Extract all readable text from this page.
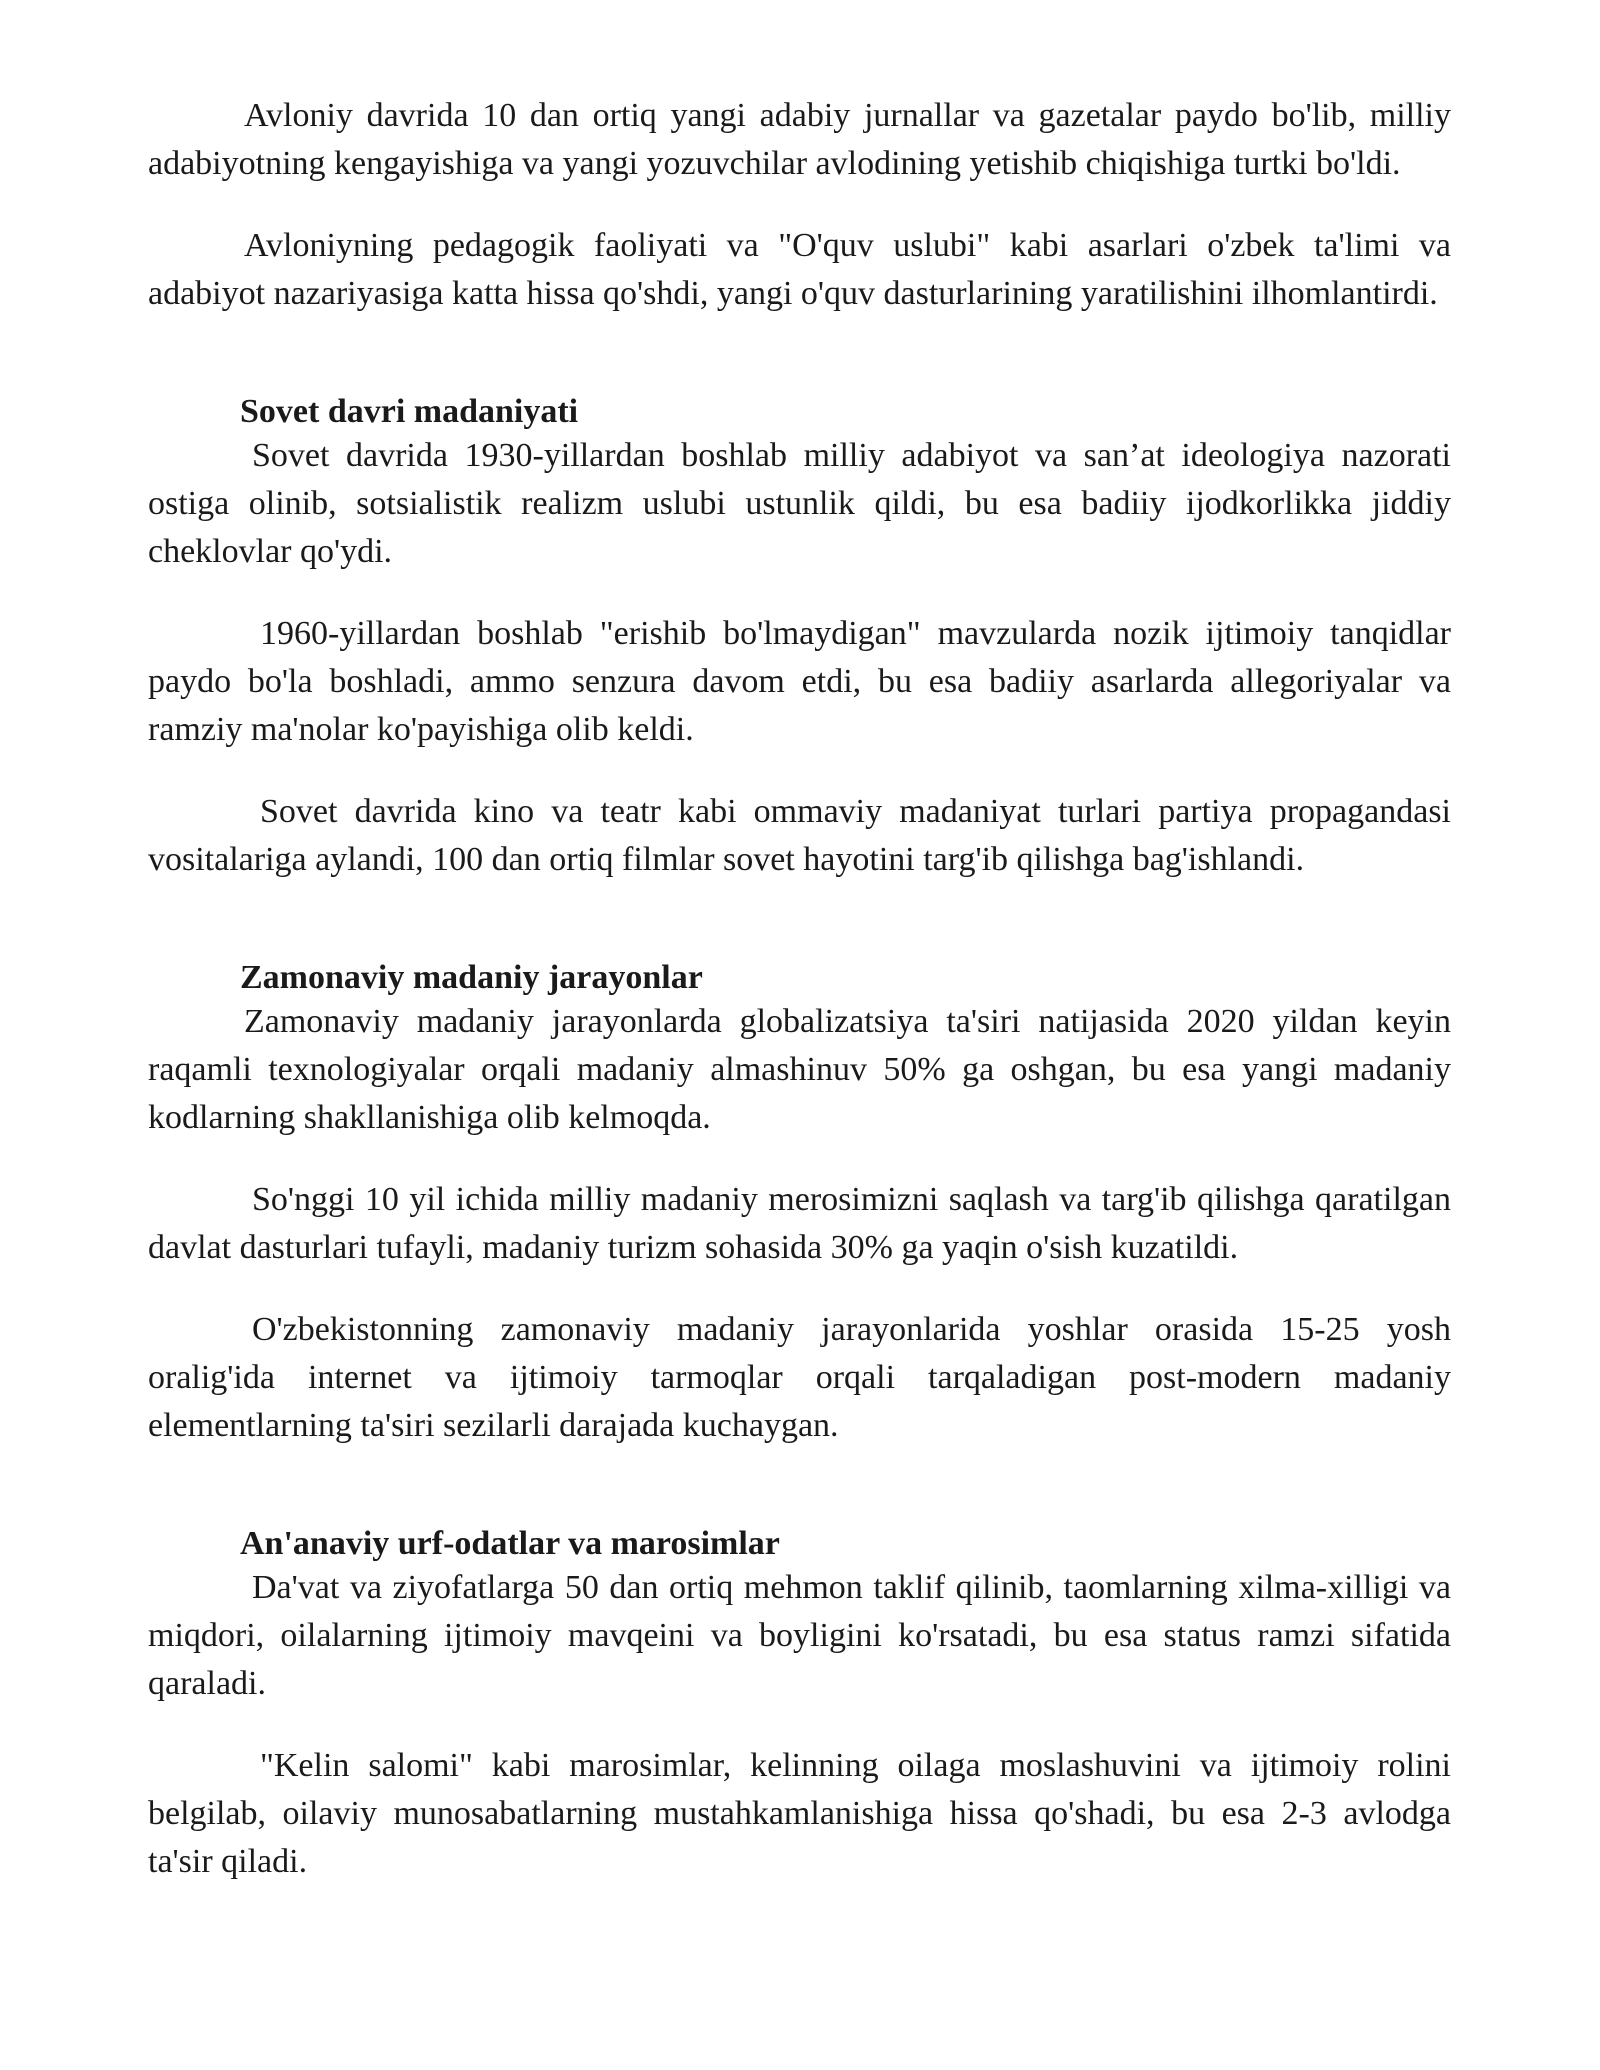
Avloniy davrida 10 dan ortiq yangi adabiy jurnallar va gazetalar paydo bo'lib, milliy adabiyotning kengayishiga va yangi yozuvchilar avlodining yetishib chiqishiga turtki bo'ldi.

Avloniyning pedagogik faoliyati va "O'quv uslubi" kabi asarlari o'zbek ta'limi va adabiyot nazariyasiga katta hissa qo'shdi, yangi o'quv dasturlarining yaratilishini ilhomlantirdi.

Sovet davri madaniyati

Sovet davrida 1930-yillardan boshlab milliy adabiyot va san’at ideologiya nazorati ostiga olinib, sotsialistik realizm uslubi ustunlik qildi, bu esa badiiy ijodkorlikka jiddiy cheklovlar qo'ydi.

1960-yillardan boshlab "erishib bo'lmaydigan" mavzularda nozik ijtimoiy tanqidlar paydo bo'la boshladi, ammo senzura davom etdi, bu esa badiiy asarlarda allegoriyalar va ramziy ma'nolar ko'payishiga olib keldi.

Sovet davrida kino va teatr kabi ommaviy madaniyat turlari partiya propagandasi vositalariga aylandi, 100 dan ortiq filmlar sovet hayotini targ'ib qilishga bag'ishlandi.

Zamonaviy madaniy jarayonlar

Zamonaviy madaniy jarayonlarda globalizatsiya ta'siri natijasida 2020 yildan keyin raqamli texnologiyalar orqali madaniy almashinuv 50% ga oshgan, bu esa yangi madaniy kodlarning shakllanishiga olib kelmoqda.

So'nggi 10 yil ichida milliy madaniy merosimizni saqlash va targ'ib qilishga qaratilgan davlat dasturlari tufayli, madaniy turizm sohasida 30% ga yaqin o'sish kuzatildi.

O'zbekistonning zamonaviy madaniy jarayonlarida yoshlar orasida 15-25 yosh oralig'ida internet va ijtimoiy tarmoqlar orqali tarqaladigan post-modern madaniy elementlarning ta'siri sezilarli darajada kuchaygan.

An'anaviy urf-odatlar va marosimlar

Da'vat va ziyofatlarga 50 dan ortiq mehmon taklif qilinib, taomlarning xilma-xilligi va miqdori, oilalarning ijtimoiy mavqeini va boyligini ko'rsatadi, bu esa status ramzi sifatida qaraladi.

"Kelin salomi" kabi marosimlar, kelinning oilaga moslashuvini va ijtimoiy rolini belgilab, oilaviy munosabatlarning mustahkamlanishiga hissa qo'shadi, bu esa 2-3 avlodga ta'sir qiladi.
